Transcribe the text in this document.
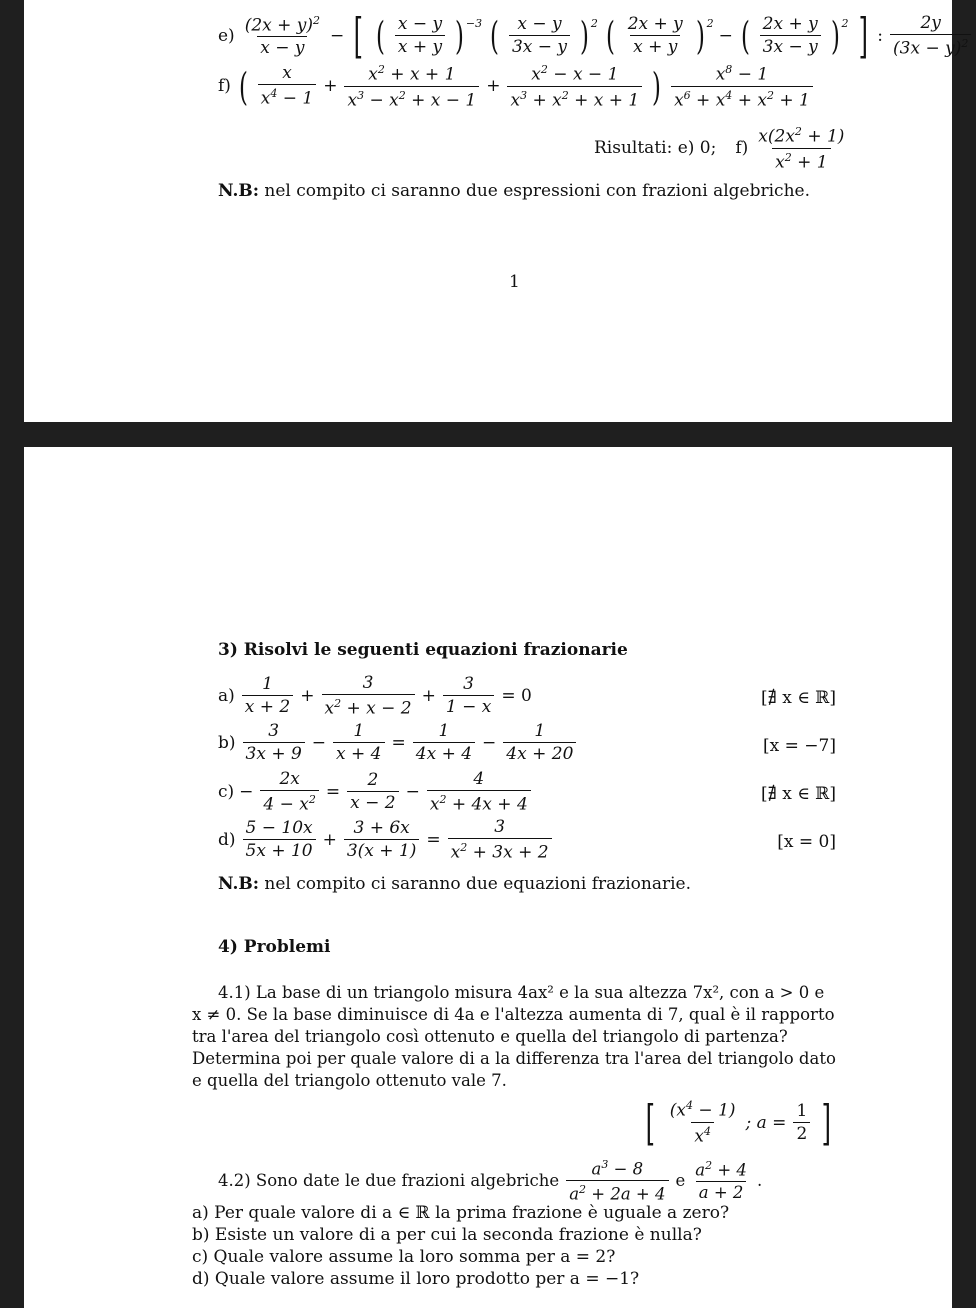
$e) \frac{(2x + y)^2}{x - y}$ − [ ( $\frac{x - y}{x + y} )^{-3}$ ( $\frac{x - y}{3x - y} )^2$ ( $\frac{2x + y}{x + y} )^2$
− ( $\frac{2x + y}{3x - y} )^2$ ] : $\frac{2y}{(3x - y)^2}$
f) ( $\frac{x}{x^4 - 1} + \frac{x^2 + x + 1}{x^3 - x^2 + x - 1} + \frac{x^2 - x - 1}{x^3 + x^2 + x + 1}$ ) $\frac{x^8 - 1}{x^6 + x^4 + x^2 + 1}$
Risultati: e) 0; $f) \frac{x(2x^2 + 1)}{x^2 + 1}$
N.B: nel compito ci saranno due espressioni con frazioni algebriche.
1
3) Risolvi le seguenti equazioni frazionarie
$a) \frac{1}{x + 2} + \frac{3}{x^2 + x - 2} + \frac{3}{1 - x} = 0$	[∄ x ∈ ℝ]
$b) \frac{3}{3x + 9} - \frac{1}{x + 4} = \frac{1}{4x + 4} - \frac{1}{4x + 20}$	[x = −7]
$c) - \frac{2x}{4 - x^2} = \frac{2}{x - 2} - \frac{4}{x^2 + 4x + 4}$	[∄ x ∈ ℝ]
$d) \frac{5 - 10x}{5x + 10} + \frac{3 + 6x}{3(x + 1)} = \frac{3}{x^2 + 3x + 2}$	[x = 0]
N.B: nel compito ci saranno due equazioni frazionarie.
4) Problemi
4.1) La base di un triangolo misura 4ax² e la sua altezza 7x², con a > 0 e x ≠ 0. Se la base diminuisce di 4a e l'altezza aumenta di 7, qual è il rapporto tra l'area del triangolo così ottenuto e quella del triangolo di partenza? Determina poi per quale valore di a la differenza tra l'area del triangolo dato e quella del triangolo ottenuto vale 7.
[ $\frac{(x^4 - 1)}{x^4}$ ; $a = \frac{1}{2}$ ]
4.2) Sono date le due frazioni algebriche $\frac{a^3 - 8}{a^2 + 2a + 4}$ e $\frac{a^2 + 4}{a + 2}$ .
a) Per quale valore di a ∈ ℝ la prima frazione è uguale a zero?
b) Esiste un valore di a per cui la seconda frazione è nulla?
c) Quale valore assume la loro somma per a = 2?
d) Quale valore assume il loro prodotto per a = −1?
